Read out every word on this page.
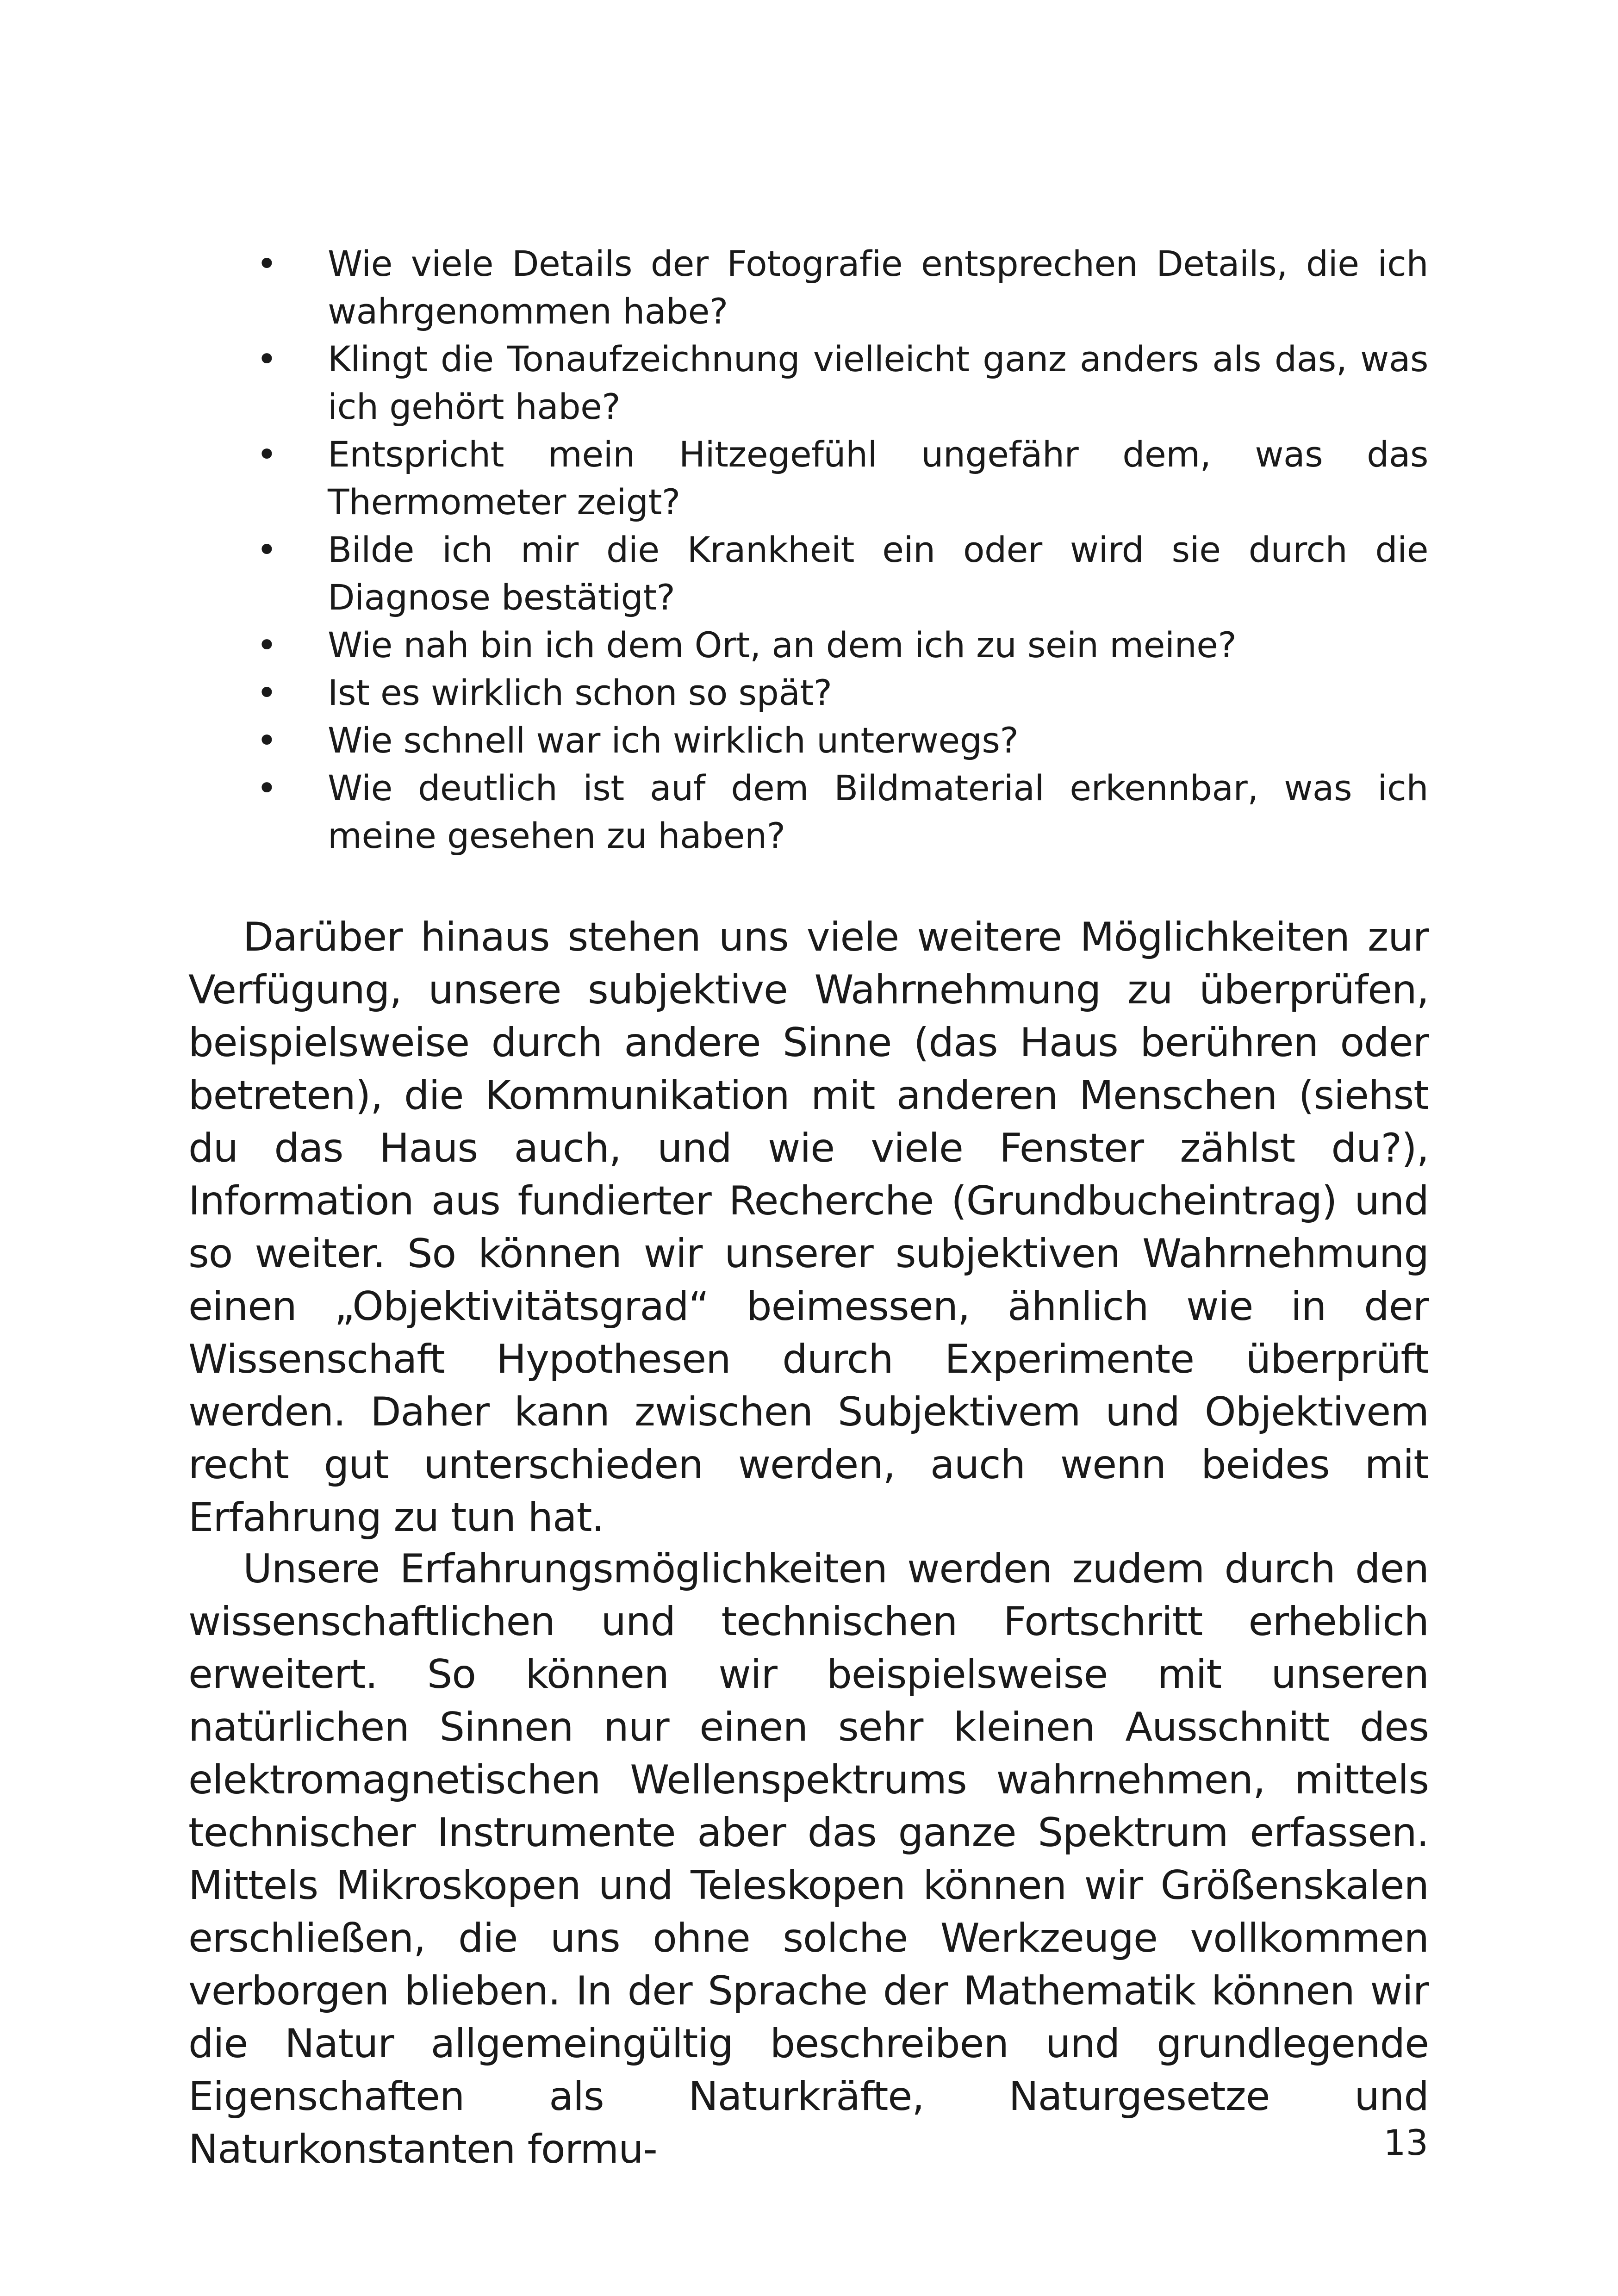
• Wie viele Details der Fotografie entsprechen Details, die ich wahrgenommen habe?
• Klingt die Tonaufzeichnung vielleicht ganz anders als das, was ich gehört habe?
• Entspricht mein Hitzegefühl ungefähr dem, was das Thermometer zeigt?
• Bilde ich mir die Krankheit ein oder wird sie durch die Diagnose bestätigt?
• Wie nah bin ich dem Ort, an dem ich zu sein meine?
• Ist es wirklich schon so spät?
• Wie schnell war ich wirklich unterwegs?
• Wie deutlich ist auf dem Bildmaterial erkennbar, was ich meine gesehen zu haben?

Darüber hinaus stehen uns viele weitere Möglichkeiten zur Verfügung, unsere subjektive Wahrnehmung zu überprüfen, beispielsweise durch andere Sinne (das Haus berühren oder betreten), die Kommunikation mit anderen Menschen (siehst du das Haus auch, und wie viele Fenster zählst du?), Information aus fundierter Recherche (Grundbucheintrag) und so weiter. So können wir unserer subjektiven Wahrnehmung einen „Objektivitätsgrad“ beimessen, ähnlich wie in der Wissenschaft Hypothesen durch Experimente überprüft werden. Daher kann zwischen Subjektivem und Objektivem recht gut unterschieden werden, auch wenn beides mit Erfahrung zu tun hat.

Unsere Erfahrungsmöglichkeiten werden zudem durch den wissenschaftlichen und technischen Fortschritt erheblich erweitert. So können wir beispielsweise mit unseren natürlichen Sinnen nur einen sehr kleinen Ausschnitt des elektromagnetischen Wellenspektrums wahrnehmen, mittels technischer Instrumente aber das ganze Spektrum erfassen. Mittels Mikroskopen und Teleskopen können wir Größenskalen erschließen, die uns ohne solche Werkzeuge vollkommen verborgen blieben. In der Sprache der Mathematik können wir die Natur allgemeingültig beschreiben und grundlegende Eigenschaften als Naturkräfte, Naturgesetze und Naturkonstanten formu-	13
